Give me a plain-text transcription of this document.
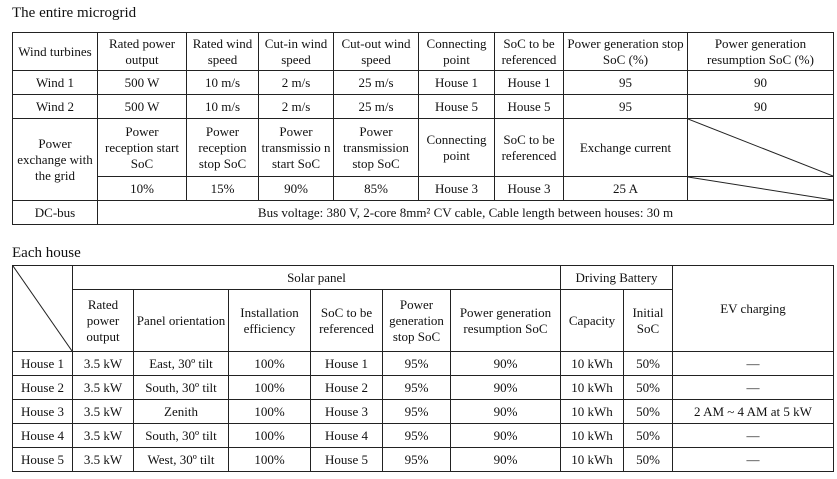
The entire microgrid
Wind turbines	Rated power output	Rated wind speed	Cut-in wind speed	Cut-out wind speed	Connecting point	SoC to be referenced	Power generation stop SoC (%)	Power generation resumption SoC (%)
Wind 1	500 W	10 m/s	2 m/s	25 m/s	House 1	House 1	95	90
Wind 2	500 W	10 m/s	2 m/s	25 m/s	House 5	House 5	95	90
Power exchange with the grid	Power reception start SoC	Power reception stop SoC	Power transmissio n start SoC	Power transmission stop SoC	Connecting point	SoC to be referenced	Exchange current	

	10%	15%	90%	85%	House 3	House 3	25 A	

DC-bus	Bus voltage: 380 V, 2-core 8mm² CV cable, Cable length between houses: 30 m							
Each house
	Solar panel						Driving Battery		EV charging
	Rated power output	Panel orientation	Installation efficiency	SoC to be referenced	Power generation stop SoC	Power generation resumption SoC	Capacity	Initial SoC	
House 1	3.5 kW	East, 30º tilt	100%	House 1	95%	90%	10 kWh	50%	—
House 2	3.5 kW	South, 30º tilt	100%	House 2	95%	90%	10 kWh	50%	—
House 3	3.5 kW	Zenith	100%	House 3	95%	90%	10 kWh	50%	2 AM ~ 4 AM at 5 kW
House 4	3.5 kW	South, 30º tilt	100%	House 4	95%	90%	10 kWh	50%	—
House 5	3.5 kW	West, 30º tilt	100%	House 5	95%	90%	10 kWh	50%	—
